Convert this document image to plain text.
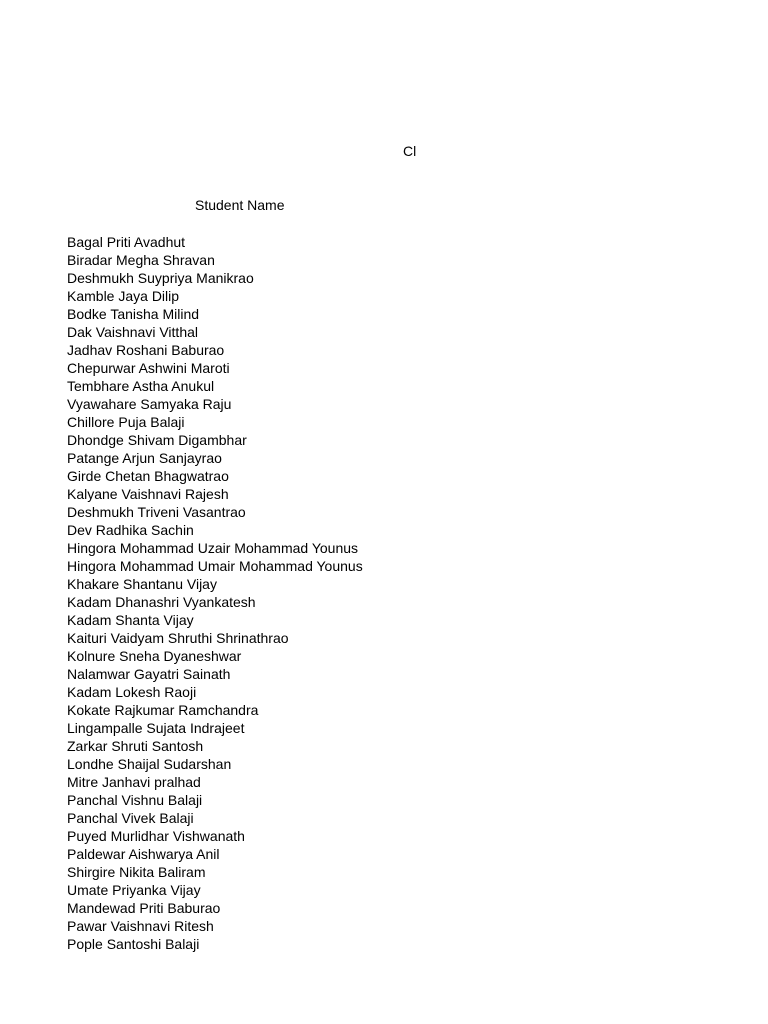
Cl
Student Name
Bagal Priti Avadhut
Biradar Megha Shravan
Deshmukh Suypriya Manikrao
Kamble Jaya Dilip
Bodke Tanisha Milind
Dak Vaishnavi Vitthal
Jadhav Roshani Baburao
Chepurwar Ashwini Maroti
Tembhare Astha Anukul
Vyawahare Samyaka Raju
Chillore Puja Balaji
Dhondge Shivam Digambhar
Patange Arjun Sanjayrao
Girde Chetan Bhagwatrao
Kalyane Vaishnavi Rajesh
Deshmukh Triveni Vasantrao
Dev Radhika Sachin
Hingora Mohammad Uzair Mohammad Younus
Hingora Mohammad Umair Mohammad Younus
Khakare Shantanu Vijay
Kadam Dhanashri Vyankatesh
Kadam Shanta Vijay
Kaituri Vaidyam Shruthi Shrinathrao
Kolnure Sneha Dyaneshwar
Nalamwar Gayatri Sainath
Kadam Lokesh Raoji
Kokate Rajkumar Ramchandra
Lingampalle Sujata Indrajeet
Zarkar Shruti Santosh
Londhe Shaijal Sudarshan
Mitre Janhavi pralhad
Panchal Vishnu Balaji
Panchal Vivek Balaji
Puyed Murlidhar Vishwanath
Paldewar Aishwarya Anil
Shirgire Nikita Baliram
Umate Priyanka Vijay
Mandewad Priti Baburao
Pawar Vaishnavi Ritesh
Pople Santoshi Balaji
